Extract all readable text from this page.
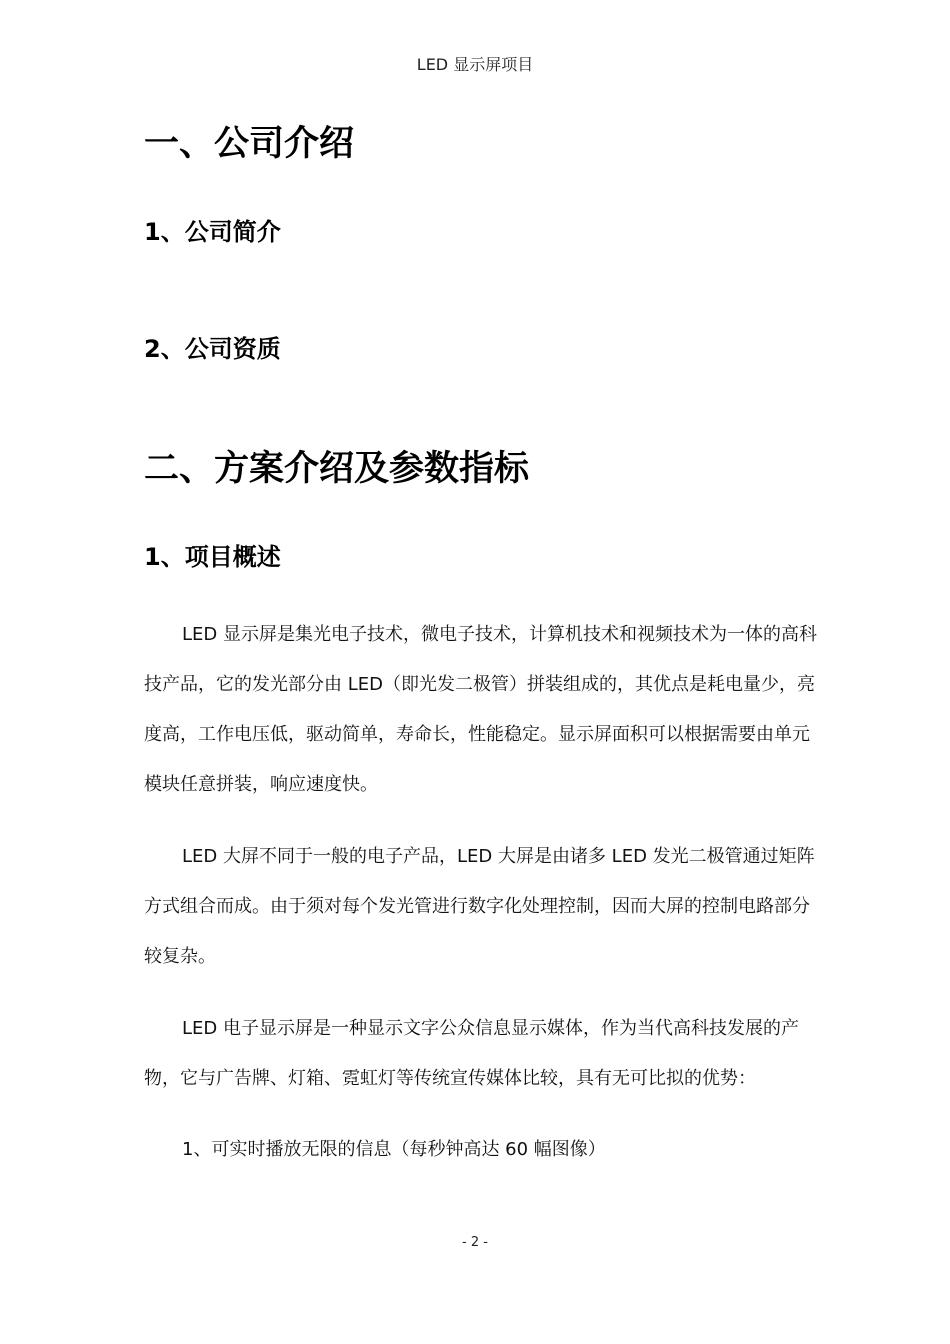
LED 显示屏项目
一、公司介绍
1、公司简介
2、公司资质
二、方案介绍及参数指标
1、项目概述

LED 显示屏是集光电子技术，微电子技术，计算机技术和视频技术为一体的高科技产品，它的发光部分由 LED（即光发二极管）拼装组成的，其优点是耗电量少，亮度高，工作电压低，驱动简单，寿命长，性能稳定。显示屏面积可以根据需要由单元模块任意拼装，响应速度快。

LED 大屏不同于一般的电子产品，LED 大屏是由诸多 LED 发光二极管通过矩阵方式组合而成。由于须对每个发光管进行数字化处理控制，因而大屏的控制电路部分较复杂。

LED 电子显示屏是一种显示文字公众信息显示媒体，作为当代高科技发展的产物，它与广告牌、灯箱、霓虹灯等传统宣传媒体比较，具有无可比拟的优势：

1、可实时播放无限的信息（每秒钟高达 60 幅图像）
- 2 -
